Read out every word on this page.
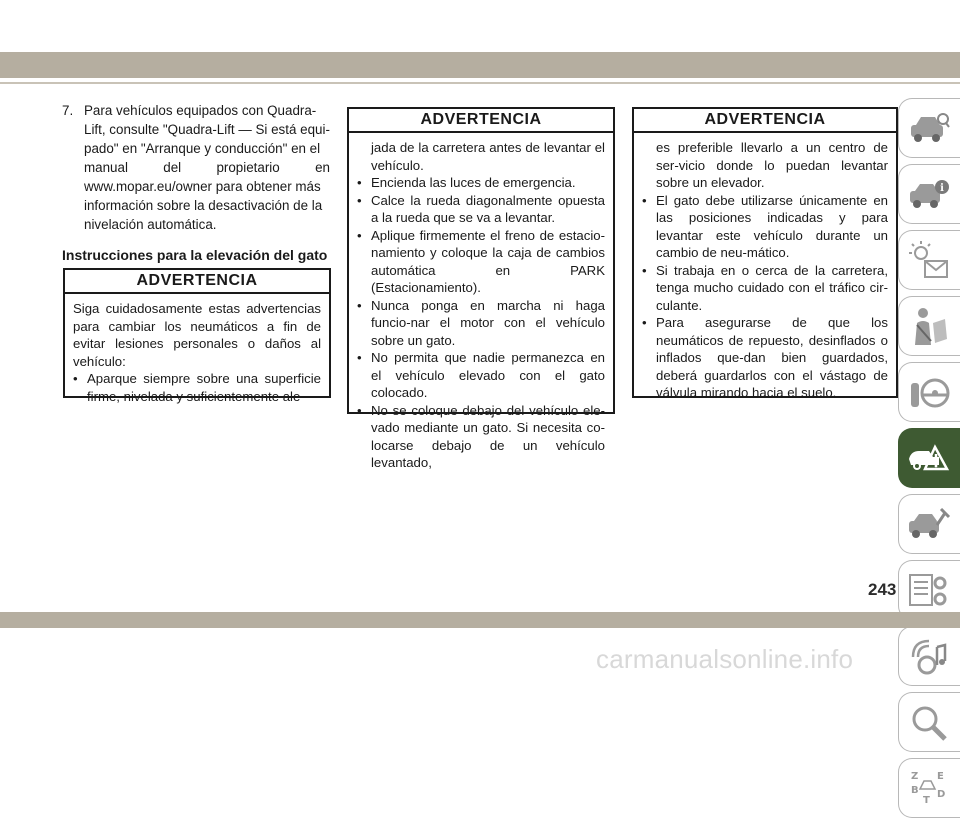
7. Para vehículos equipados con Quadra-
Lift, consulte "Quadra-Lift — Si está equi-
pado" en "Arranque y conducción" en el
manual	del	propietario	en
www.mopar.eu/owner para obtener más
información sobre la desactivación de la
nivelación automática.
Instrucciones para la elevación del gato
ADVERTENCIA

Siga cuidadosamente estas advertencias para cambiar los neumáticos a fin de evitar lesiones personales o daños al vehículo:

• Aparque siempre sobre una superficie firme, nivelada y suficientemente ale-
ADVERTENCIA

jada de la carretera antes de levantar el vehículo.

• Encienda las luces de emergencia.
• Calce la rueda diagonalmente opuesta a la rueda que se va a levantar.
• Aplique firmemente el freno de estacio-namiento y coloque la caja de cambios automática en PARK (Estacionamiento).
• Nunca ponga en marcha ni haga funcio-nar el motor con el vehículo sobre un gato.
• No permita que nadie permanezca en el vehículo elevado con el gato colocado.
• No se coloque debajo del vehículo ele-vado mediante un gato. Si necesita co-locarse debajo de un vehículo levantado,
ADVERTENCIA

es preferible llevarlo a un centro de ser-vicio donde lo puedan levantar sobre un elevador.

• El gato debe utilizarse únicamente en las posiciones indicadas y para levantar este vehículo durante un cambio de neu-mático.
• Si trabaja en o cerca de la carretera, tenga mucho cuidado con el tráfico cir-culante.
• Para asegurarse de que los neumáticos de repuesto, desinflados o inflados que-dan bien guardados, deberá guardarlos con el vástago de válvula mirando hacia el suelo.
i
Z E
B D
T
243
carmanualsonline.info
